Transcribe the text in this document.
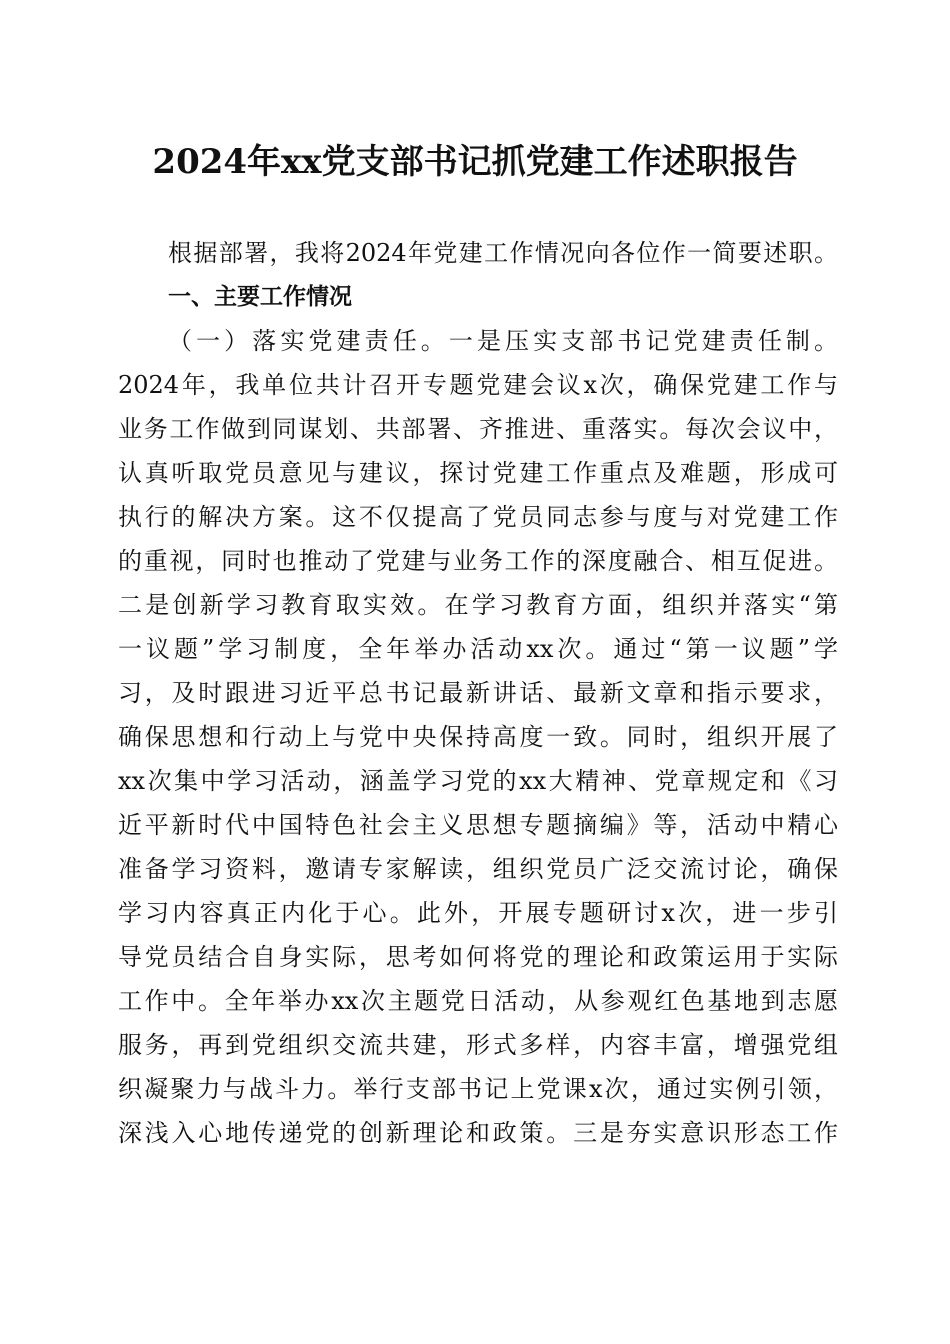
2024年xx党支部书记抓党建工作述职报告
根据部署，我将2024年党建工作情况向各位作一简要述职。
一、主要工作情况
（一）落实党建责任。一是压实支部书记党建责任制。
2024年，我单位共计召开专题党建会议x次，确保党建工作与
业务工作做到同谋划、共部署、齐推进、重落实。每次会议中，
认真听取党员意见与建议，探讨党建工作重点及难题，形成可
执行的解决方案。这不仅提高了党员同志参与度与对党建工作
的重视，同时也推动了党建与业务工作的深度融合、相互促进。
二是创新学习教育取实效。在学习教育方面，组织并落实“第
一议题”学习制度，全年举办活动xx次。通过“第一议题”学
习，及时跟进习近平总书记最新讲话、最新文章和指示要求，
确保思想和行动上与党中央保持高度一致。同时，组织开展了
xx次集中学习活动，涵盖学习党的xx大精神、党章规定和《习
近平新时代中国特色社会主义思想专题摘编》等，活动中精心
准备学习资料，邀请专家解读，组织党员广泛交流讨论，确保
学习内容真正内化于心。此外，开展专题研讨x次，进一步引
导党员结合自身实际，思考如何将党的理论和政策运用于实际
工作中。全年举办xx次主题党日活动，从参观红色基地到志愿
服务，再到党组织交流共建，形式多样，内容丰富，增强党组
织凝聚力与战斗力。举行支部书记上党课x次，通过实例引领，
深浅入心地传递党的创新理论和政策。三是夯实意识形态工作
